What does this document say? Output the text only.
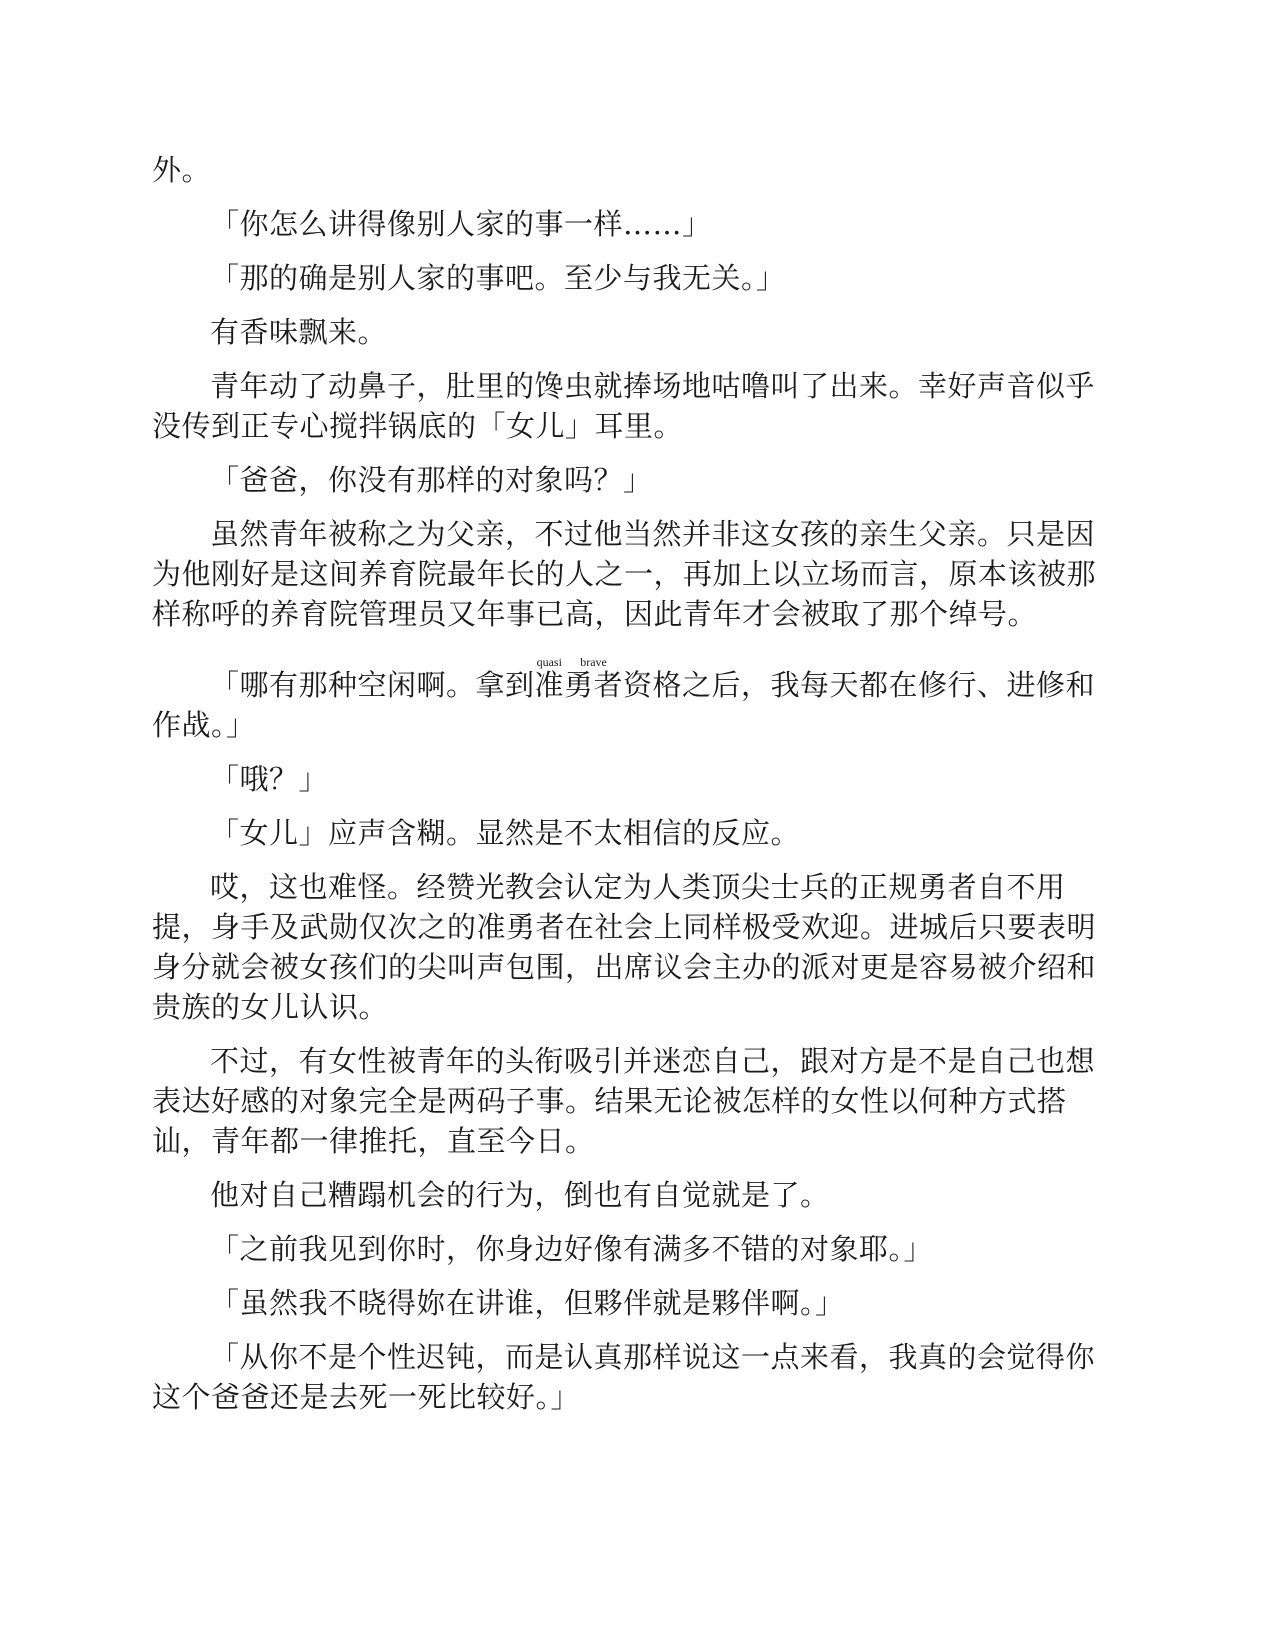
外。

「你怎么讲得像别人家的事一样……」

「那的确是别人家的事吧。至少与我无关。」

有香味飘来。

青年动了动鼻子，肚里的馋虫就捧场地咕噜叫了出来。幸好声音似乎没传到正专心搅拌锅底的「女儿」耳里。

「爸爸，你没有那样的对象吗？」

虽然青年被称之为父亲，不过他当然并非这女孩的亲生父亲。只是因为他刚好是这间养育院最年长的人之一，再加上以立场而言，原本该被那样称呼的养育院管理员又年事已高，因此青年才会被取了那个绰号。

「哪有那种空闲啊。拿到准quasi勇者brave资格之后，我每天都在修行、进修和作战。」

「哦？」

「女儿」应声含糊。显然是不太相信的反应。

哎，这也难怪。经赞光教会认定为人类顶尖士兵的正规勇者自不用提，身手及武勋仅次之的准勇者在社会上同样极受欢迎。进城后只要表明身分就会被女孩们的尖叫声包围，出席议会主办的派对更是容易被介绍和贵族的女儿认识。

不过，有女性被青年的头衔吸引并迷恋自己，跟对方是不是自己也想表达好感的对象完全是两码子事。结果无论被怎样的女性以何种方式搭讪，青年都一律推托，直至今日。

他对自己糟蹋机会的行为，倒也有自觉就是了。

「之前我见到你时，你身边好像有满多不错的对象耶。」

「虽然我不晓得妳在讲谁，但夥伴就是夥伴啊。」

「从你不是个性迟钝，而是认真那样说这一点来看，我真的会觉得你这个爸爸还是去死一死比较好。」
